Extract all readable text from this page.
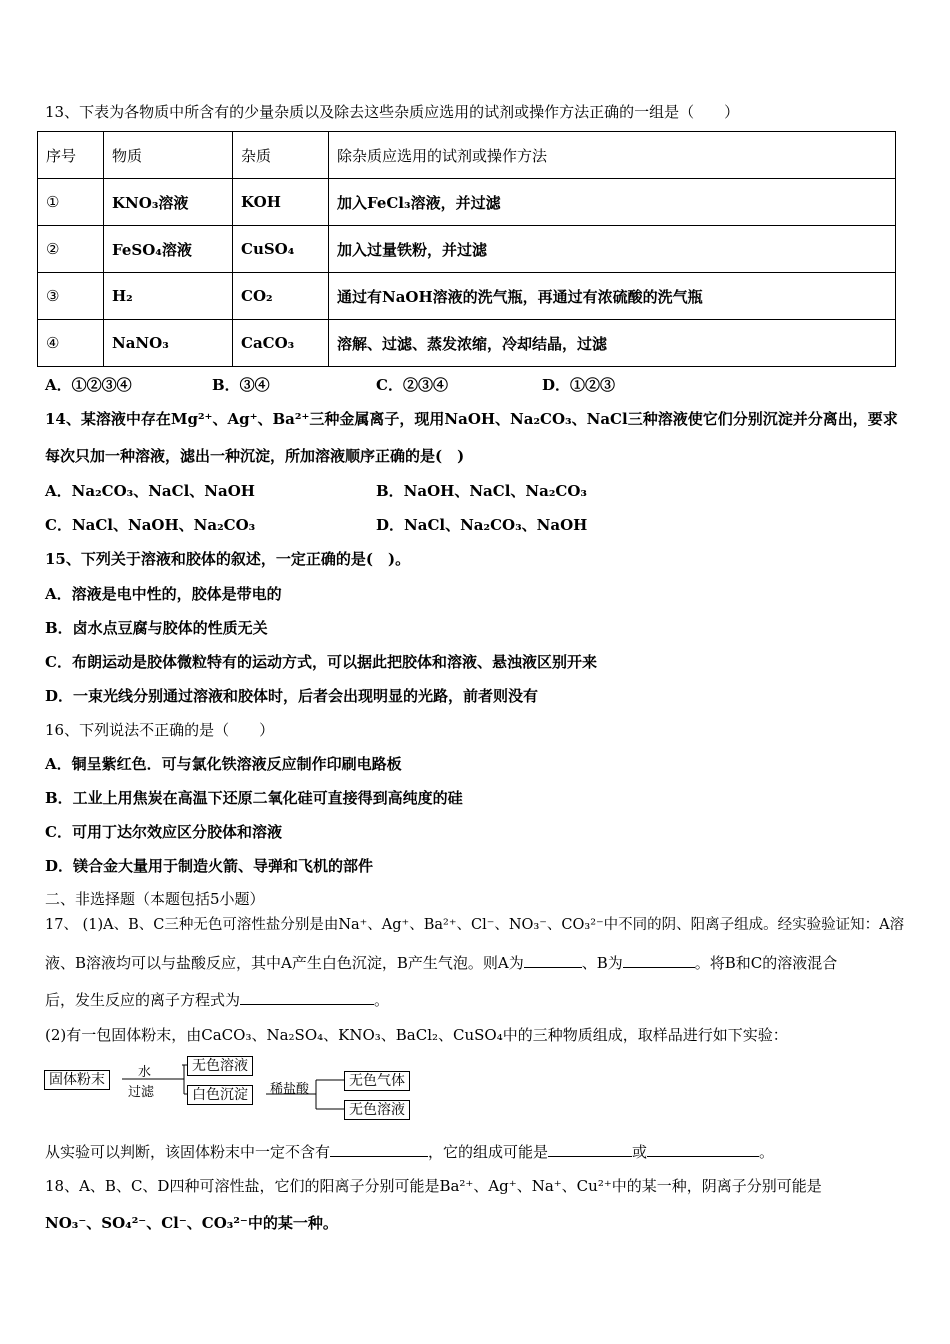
13、下表为各物质中所含有的少量杂质以及除去这些杂质应选用的试剂或操作方法正确的一组是（　　）
序号	物质	杂质	除杂质应选用的试剂或操作方法
①	KNO₃溶液	KOH	加入FeCl₃溶液，并过滤
②	FeSO₄溶液	CuSO₄	加入过量铁粉，并过滤
③	H₂	CO₂	通过有NaOH溶液的洗气瓶，再通过有浓硫酸的洗气瓶
④	NaNO₃	CaCO₃	溶解、过滤、蒸发浓缩，冷却结晶，过滤
A．①②③④	B．③④	C．②③④	D．①②③
14、某溶液中存在Mg²⁺、Ag⁺、Ba²⁺三种金属离子，现用NaOH、Na₂CO₃、NaCl三种溶液使它们分别沉淀并分离出，要求
每次只加一种溶液，滤出一种沉淀，所加溶液顺序正确的是(　)
A．Na₂CO₃、NaCl、NaOH	B．NaOH、NaCl、Na₂CO₃
C．NaCl、NaOH、Na₂CO₃	D．NaCl、Na₂CO₃、NaOH
15、下列关于溶液和胶体的叙述，一定正确的是(　)。
A．溶液是电中性的，胶体是带电的
B．卤水点豆腐与胶体的性质无关
C．布朗运动是胶体微粒特有的运动方式，可以据此把胶体和溶液、悬浊液区别开来
D．一束光线分别通过溶液和胶体时，后者会出现明显的光路，前者则没有
16、下列说法不正确的是（　　）
A．铜呈紫红色．可与氯化铁溶液反应制作印刷电路板
B．工业上用焦炭在高温下还原二氧化硅可直接得到高纯度的硅
C．可用丁达尔效应区分胶体和溶液
D．镁合金大量用于制造火箭、导弹和飞机的部件
二、非选择题（本题包括5小题）
17、 (1)A、B、C三种无色可溶性盐分别是由Na⁺、Ag⁺、Ba²⁺、Cl⁻、NO₃⁻、CO₃²⁻中不同的阴、阳离子组成。经实验验证知：A溶
液、B溶液均可以与盐酸反应，其中A产生白色沉淀，B产生气泡。则A为	、B为	。将B和C的溶液混合
后，发生反应的离子方程式为	。
(2)有一包固体粉末，由CaCO₃、Na₂SO₄、KNO₃、BaCl₂、CuSO₄中的三种物质组成，取样品进行如下实验：
固体粉末	水
过滤
无色溶液
白色沉淀	稀盐酸
无色气体
无色溶液
从实验可以判断，该固体粉末中一定不含有	，它的组成可能是	或	。
18、A、B、C、D四种可溶性盐，它们的阳离子分别可能是Ba²⁺、Ag⁺、Na⁺、Cu²⁺中的某一种，阴离子分别可能是
NO₃⁻、SO₄²⁻、Cl⁻、CO₃²⁻中的某一种。
